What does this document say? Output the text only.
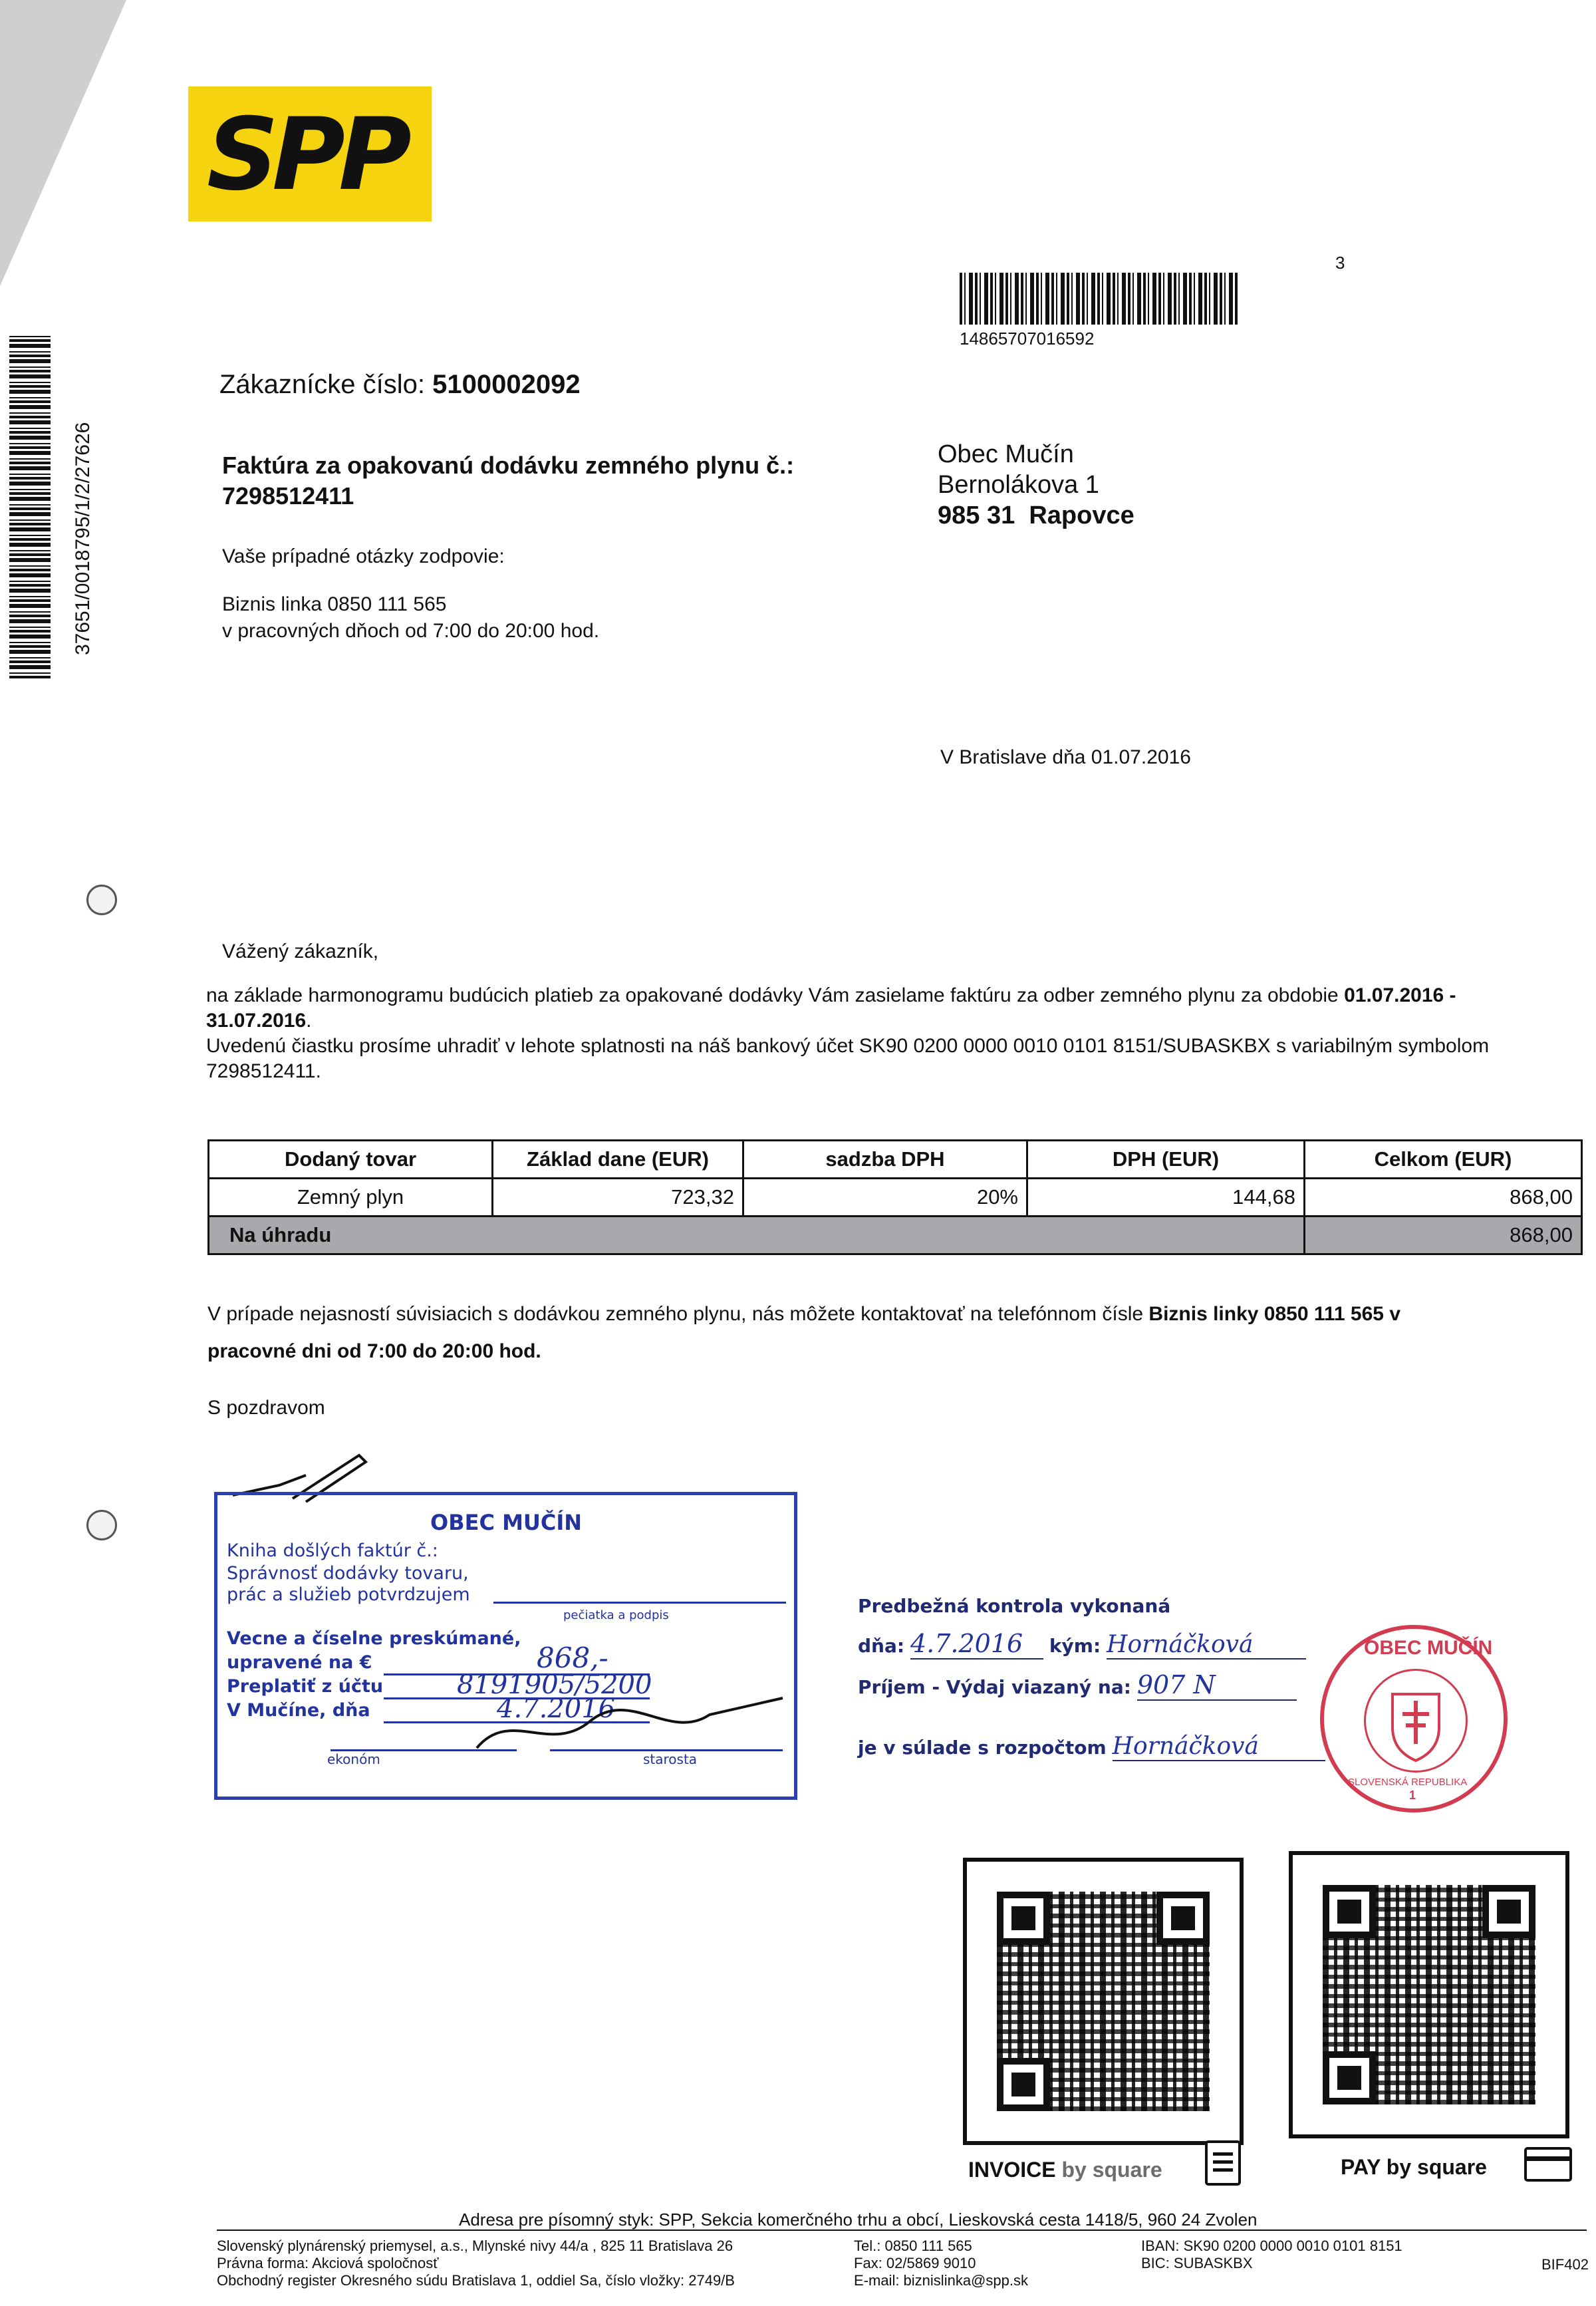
SPP
3
14865707016592
37651/0018795/1/2/27626
Zákaznícke číslo: 5100002092
Faktúra za opakovanú dodávku zemného plynu č.:
7298512411
Vaše prípadné otázky zodpovie:
Biznis linka 0850 111 565
v pracovných dňoch od 7:00 do 20:00 hod.
Obec Mučín
Bernolákova 1
985 31 Rapovce
V Bratislave dňa 01.07.2016
Vážený zákazník,
na základe harmonogramu budúcich platieb za opakované dodávky Vám zasielame faktúru za odber zemného plynu za obdobie 01.07.2016 -
31.07.2016.
Uvedenú čiastku prosíme uhradiť v lehote splatnosti na náš bankový účet SK90 0200 0000 0010 0101 8151/SUBASKBX s variabilným symbolom
7298512411.
Dodaný tovar	Základ dane (EUR)	sadzba DPH	DPH (EUR)	Celkom (EUR)
Zemný plyn	723,32	20%	144,68	868,00
Na úhradu				868,00
V prípade nejasností súvisiacich s dodávkou zemného plynu, nás môžete kontaktovať na telefónnom čísle Biznis linky 0850 111 565 v
pracovné dni od 7:00 do 20:00 hod.
S pozdravom
OBEC MUČÍN
Kniha došlých faktúr č.:
Správnosť dodávky tovaru,
prác a služieb potvrdzujem
pečiatka a podpis
Vecne a číselne preskúmané,
upravené na €	868,-
Preplatiť z účtu	8191905/5200
V Mučíne, dňa	4.7.2016
ekonóm	starosta
Predbežná kontrola vykonaná
dňa: 4.7.2016 kým: Hornáčková
Príjem - Výdaj viazaný na: 907 N
je v súlade s rozpočtom Hornáčková
OBEC MUČÍN
SLOVENSKÁ REPUBLIKA
1
INVOICE by square	PAY by square
Adresa pre písomný styk: SPP, Sekcia komerčného trhu a obcí, Lieskovská cesta 1418/5, 960 24 Zvolen
Slovenský plynárenský priemysel, a.s., Mlynské nivy 44/a , 825 11 Bratislava 26
Právna forma: Akciová spoločnosť
Obchodný register Okresného súdu Bratislava 1, oddiel Sa, číslo vložky: 2749/B
Tel.: 0850 111 565
Fax: 02/5869 9010
E-mail: biznislinka@spp.sk
IBAN: SK90 0200 0000 0010 0101 8151
BIC: SUBASKBX	BIF402
